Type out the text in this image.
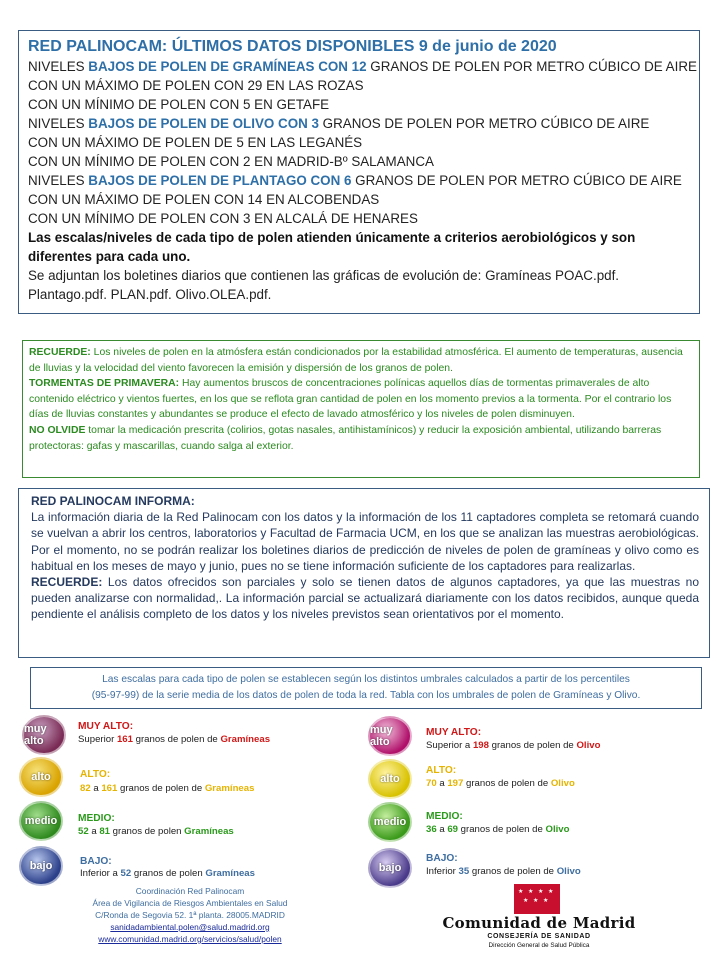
RED PALINOCAM: ÚLTIMOS DATOS DISPONIBLES 9 de junio de 2020
NIVELES BAJOS DE POLEN DE GRAMÍNEAS CON 12 GRANOS DE POLEN POR METRO CÚBICO DE AIRE
CON UN MÁXIMO DE POLEN CON 29 EN LAS ROZAS
CON UN MÍNIMO DE POLEN CON 5 EN GETAFE
NIVELES BAJOS DE POLEN DE OLIVO CON 3 GRANOS DE POLEN POR METRO CÚBICO DE AIRE
CON UN MÁXIMO DE POLEN DE 5 EN LAS LEGANÉS
CON UN MÍNIMO DE POLEN CON 2 EN MADRID-Bº SALAMANCA
NIVELES BAJOS DE POLEN DE PLANTAGO CON 6 GRANOS DE POLEN POR METRO CÚBICO DE AIRE
CON UN MÁXIMO DE POLEN CON 14 EN ALCOBENDAS
CON UN MÍNIMO DE POLEN CON 3 EN ALCALÁ DE HENARES
Las escalas/niveles de cada tipo de polen atienden únicamente a criterios aerobiológicos y son diferentes para cada uno.
Se adjuntan los boletines diarios que contienen las gráficas de evolución de: Gramíneas POAC.pdf.
Plantago.pdf. PLAN.pdf. Olivo.OLEA.pdf.
RECUERDE: Los niveles de polen en la atmósfera están condicionados por la estabilidad atmosférica. El aumento de temperaturas, ausencia de lluvias y la velocidad del viento favorecen la emisión y dispersión de los granos de polen.
TORMENTAS DE PRIMAVERA: Hay aumentos bruscos de concentraciones polínicas aquellos días de tormentas primaverales de alto contenido eléctrico y vientos fuertes, en los que se reflota gran cantidad de polen en los momento previos a la tormenta. Por el contrario los días de lluvias constantes y abundantes se produce el efecto de lavado atmosférico y los niveles de polen disminuyen.
NO OLVIDE tomar la medicación prescrita (colirios, gotas nasales, antihistamínicos) y reducir la exposición ambiental, utilizando barreras protectoras: gafas y mascarillas, cuando salga al exterior.
RED PALINOCAM INFORMA:
La información diaria de la Red Palinocam con los datos y la información de los 11 captadores completa se retomará cuando se vuelvan a abrir los centros, laboratorios y Facultad de Farmacia UCM, en los que se analizan las muestras aerobiológicas. Por el momento, no se podrán realizar los boletines diarios de predicción de niveles de polen de gramíneas y olivo como es habitual en los meses de mayo y junio, pues no se tiene información suficiente de los captadores para realizarlas.
RECUERDE: Los datos ofrecidos son parciales y solo se tienen datos de algunos captadores, ya que las muestras no pueden analizarse con normalidad,. La información parcial se actualizará diariamente con los datos recibidos, aunque queda pendiente el análisis completo de los datos y los niveles previstos sean orientativos por el momento.
Las escalas para cada tipo de polen se establecen según los distintos umbrales calculados a partir de los percentiles
(95-97-99) de la serie media de los datos de polen de toda la red. Tabla con los umbrales de polen de Gramíneas y Olivo.
muy alto
MUY ALTO:
Superior 161 granos de polen de Gramíneas
alto	ALTO:
82 a 161 granos de polen de Gramíneas
medio MEDIO:
52 a 81 granos de polen Gramíneas
bajo	BAJO:
Inferior a 52 granos de polen Gramíneas
muy alto
MUY ALTO:
Superior a 198 granos de polen de Olivo
alto
ALTO:
70 a 197 granos de polen de Olivo
medio MEDIO:
36 a 69 granos de polen de Olivo
bajo
BAJO:
Inferior 35 granos de polen de Olivo
Coordinación Red Palinocam
Área de Vigilancia de Riesgos Ambientales en Salud
C/Ronda de Segovia 52. 1ª planta. 28005.MADRID
sanidadambiental.polen@salud.madrid.org
www.comunidad.madrid.org/servicios/salud/polen
★ ★ ★ ★
★ ★ ★
Comunidad de Madrid
CONSEJERÍA DE SANIDAD
Dirección General de Salud Pública
